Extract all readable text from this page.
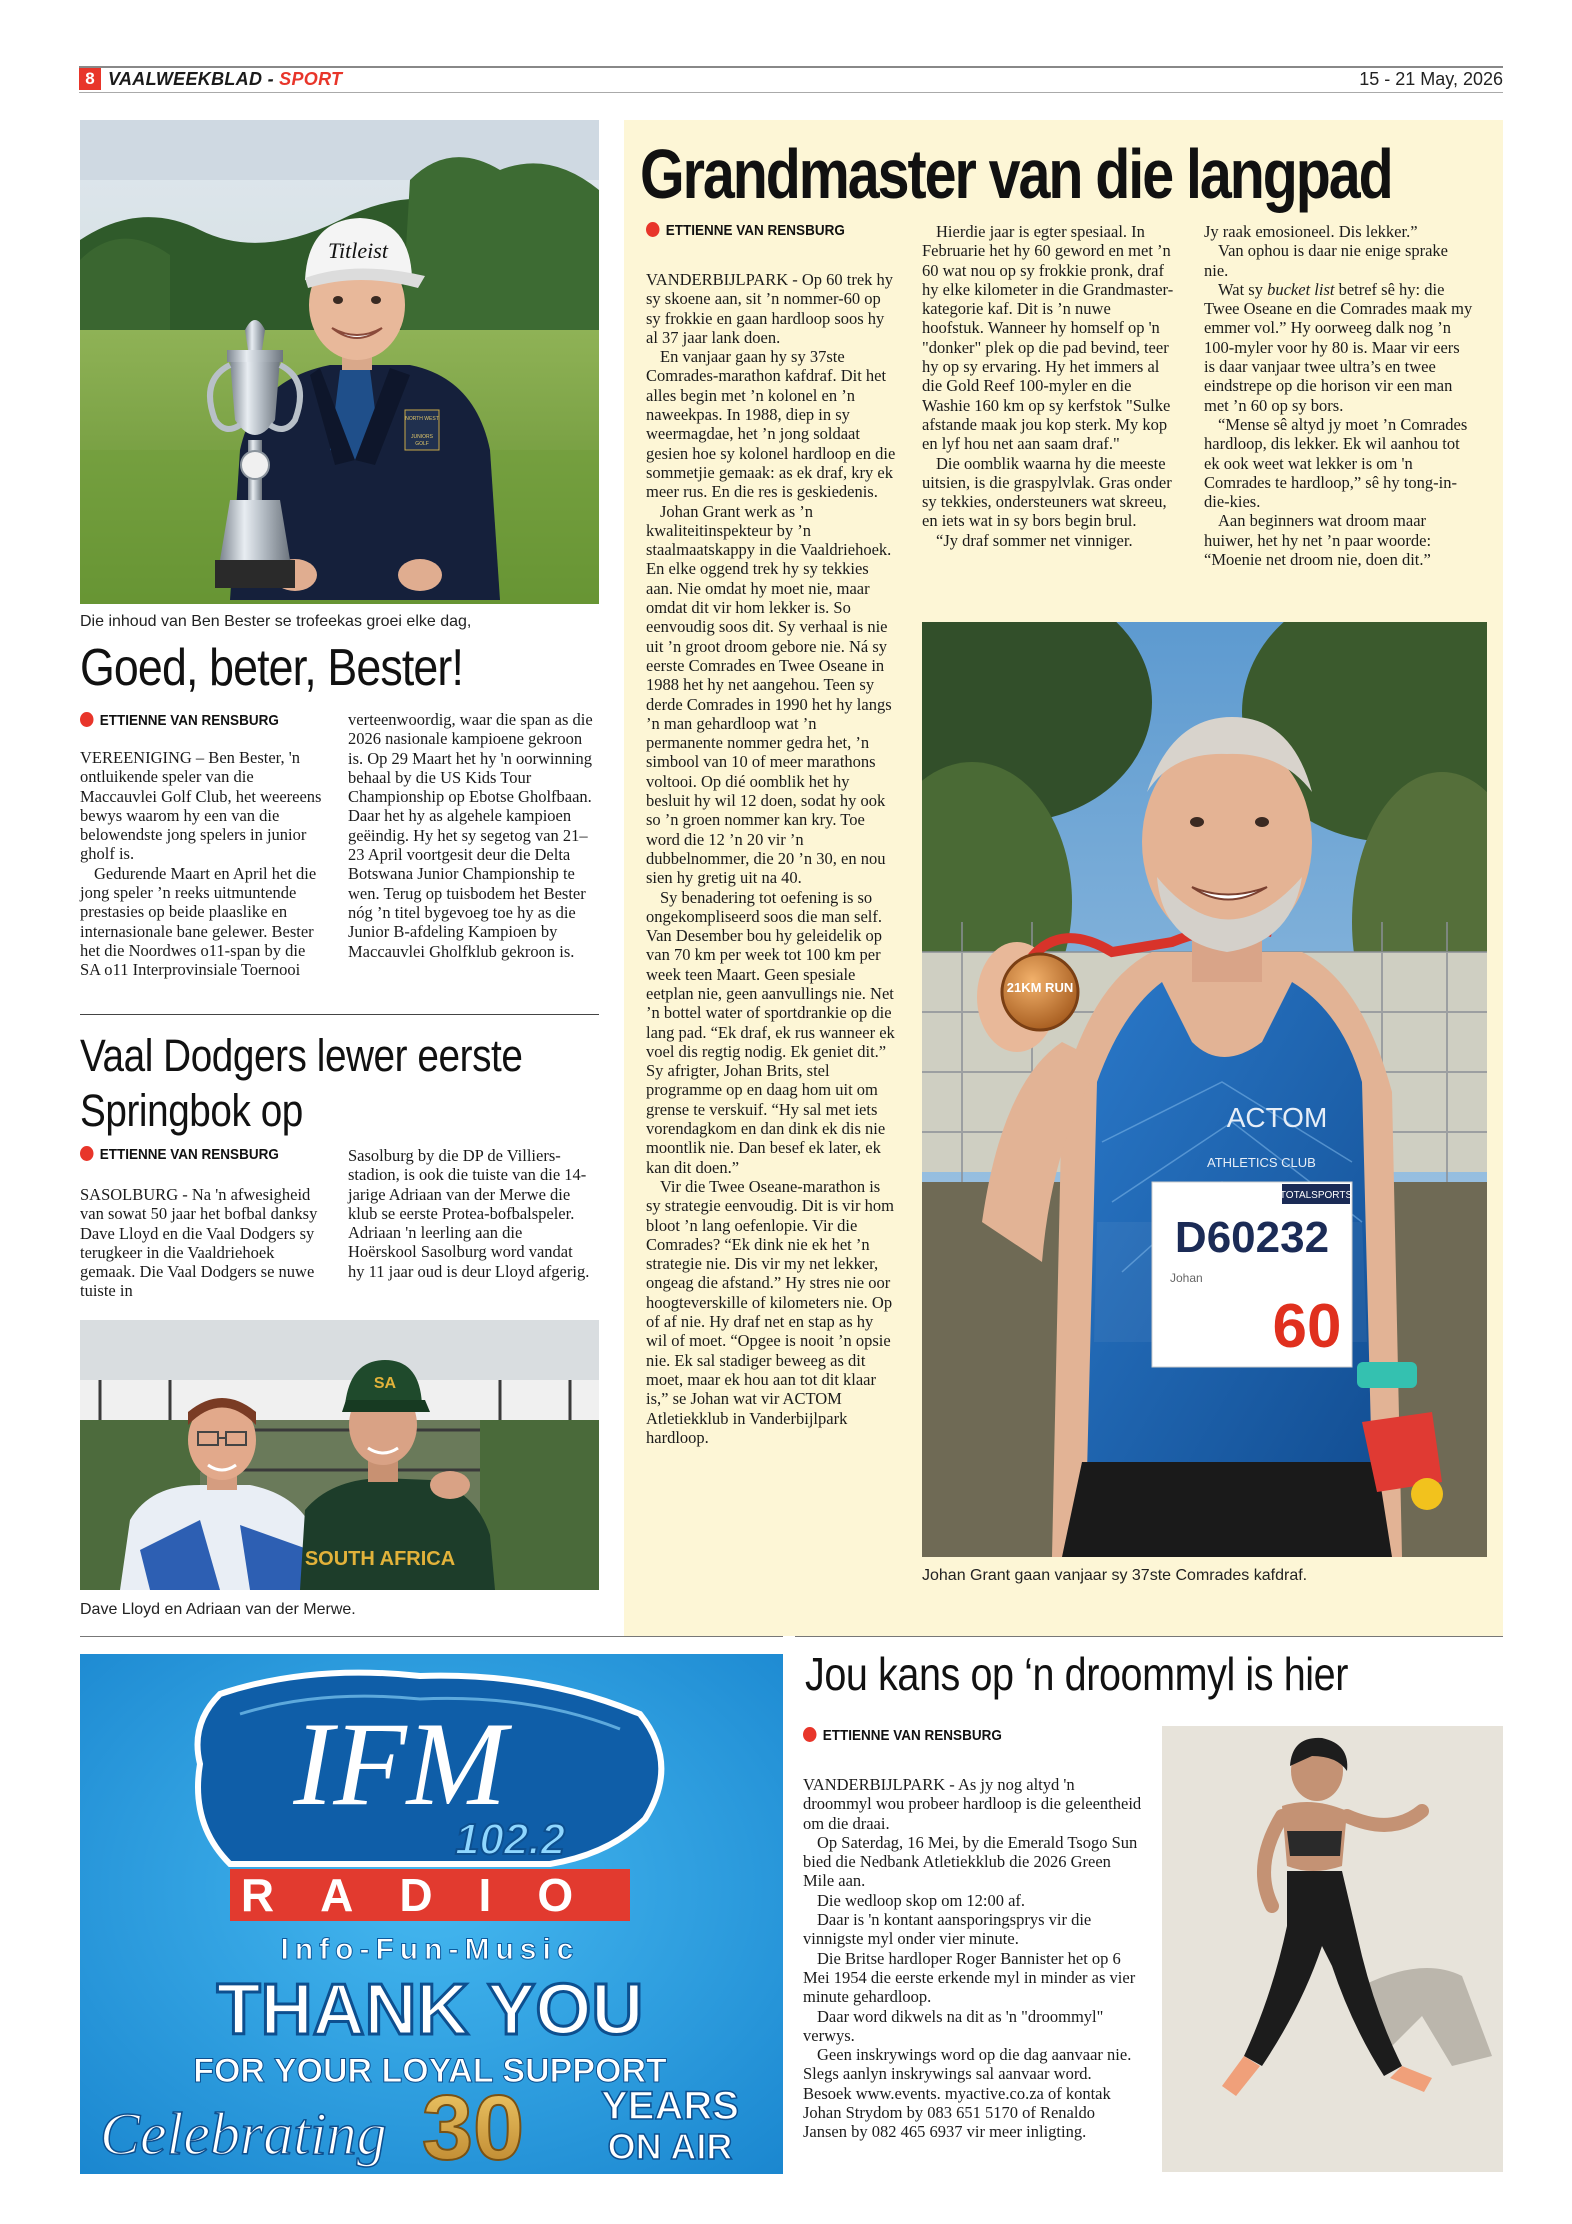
8 VAALWEEKBLAD - SPORT	15 - 21 May, 2026
NORTH WEST
JUNIORS
GOLF
Titleist
Die inhoud van Ben Bester se trofeekas groei elke dag,
Goed, beter, Bester!
ETTIENNE VAN RENSBURG

VEREENIGING – Ben Bester, 'n ontluikende speler van die Maccauvlei Golf Club, het weereens bewys waarom hy een van die belowendste jong spelers in junior gholf is.

Gedurende Maart en April het die jong speler ’n reeks uitmuntende prestasies op beide plaaslike en internasionale bane gelewer. Bester het die Noordwes o11-span by die SA o11 Interprovinsiale Toernooi

verteenwoordig, waar die span as die 2026 nasionale kampioene gekroon is. Op 29 Maart het hy 'n oorwinning behaal by die US Kids Tour Championship op Ebotse Gholfbaan. Daar het hy as algehele kampioen geëindig. Hy het sy segetog van 21–23 April voortgesit deur die Delta Botswana Junior Championship te wen. Terug op tuisbodem het Bester nóg ’n titel bygevoeg toe hy as die Junior B-afdeling Kampioen by Maccauvlei Gholfklub gekroon is.

Vaal Dodgers lewer eerste Springbok op
ETTIENNE VAN RENSBURG

SASOLBURG - Na 'n afwesigheid van sowat 50 jaar het bofbal danksy Dave Lloyd en die Vaal Dodgers sy terugkeer in die Vaaldriehoek gemaak. Die Vaal Dodgers se nuwe tuiste in

Sasolburg by die DP de Villiers-stadion, is ook die tuiste van die 14-jarige Adriaan van der Merwe die klub se eerste Protea-bofbalspeler. Adriaan 'n leerling aan die Hoërskool Sasolburg word vandat hy 11 jaar oud is deur Lloyd afgerig.

SOUTH AFRICA
SA
Dave Lloyd en Adriaan van der Merwe.
Grandmaster van die langpad
ETTIENNE VAN RENSBURG

VANDERBIJLPARK - Op 60 trek hy sy skoene aan, sit ’n nommer-60 op sy frokkie en gaan hardloop soos hy al 37 jaar lank doen.

En vanjaar gaan hy sy 37ste Comrades-marathon kafdraf. Dit het alles begin met ’n kolonel en ’n naweekpas. In 1988, diep in sy weermagdae, het ’n jong soldaat gesien hoe sy kolonel hardloop en die sommetjie gemaak: as ek draf, kry ek meer rus. En die res is geskiedenis.

Johan Grant werk as ’n kwaliteitinspekteur by ’n staalmaatskappy in die Vaaldriehoek. En elke oggend trek hy sy tekkies aan. Nie omdat hy moet nie, maar omdat dit vir hom lekker is. So eenvoudig soos dit. Sy verhaal is nie uit ’n groot droom gebore nie. Ná sy eerste Comrades en Twee Oseane in 1988 het hy net aangehou. Teen sy derde Comrades in 1990 het hy langs ’n man gehardloop wat ’n permanente nommer gedra het, ’n simbool van 10 of meer marathons voltooi. Op dié oomblik het hy besluit hy wil 12 doen, sodat hy ook so ’n groen nommer kan kry. Toe word die 12 ’n 20 vir ’n dubbelnommer, die 20 ’n 30, en nou sien hy gretig uit na 40.

Sy benadering tot oefening is so ongekompliseerd soos die man self. Van Desember bou hy geleidelik op van 70 km per week tot 100 km per week teen Maart. Geen spesiale eetplan nie, geen aanvullings nie. Net ’n bottel water of sportdrankie op die lang pad. “Ek draf, ek rus wanneer ek voel dis regtig nodig. Ek geniet dit.” Sy afrigter, Johan Brits, stel programme op en daag hom uit om grense te verskuif. “Hy sal met iets vorendagkom en dan dink ek dis nie moontlik nie. Dan besef ek later, ek kan dit doen.”

Vir die Twee Oseane-marathon is sy strategie eenvoudig. Dit is vir hom bloot ’n lang oefenlopie. Vir die Comrades? “Ek dink nie ek het ’n strategie nie. Dis vir my net lekker, ongeag die afstand.” Hy stres nie oor hoogteverskille of kilometers nie. Op of af nie. Hy draf net en stap as hy wil of moet. “Opgee is nooit ’n opsie nie. Ek sal stadiger beweeg as dit moet, maar ek hou aan tot dit klaar is,” se Johan wat vir ACTOM Atletiekklub in Vanderbijlpark hardloop.

Hierdie jaar is egter spesiaal. In Februarie het hy 60 geword en met ’n 60 wat nou op sy frokkie pronk, draf hy elke kilometer in die Grandmaster-kategorie kaf. Dit is ’n nuwe hoofstuk. Wanneer hy homself op 'n "donker" plek op die pad bevind, teer hy op sy ervaring. Hy het immers al die Gold Reef 100-myler en die Washie 160 km op sy kerfstok "Sulke afstande maak jou kop sterk. My kop en lyf hou net aan saam draf."

Die oomblik waarna hy die meeste uitsien, is die graspylvlak. Gras onder sy tekkies, ondersteuners wat skreeu, en iets wat in sy bors begin brul.

“Jy draf sommer net vinniger.

Jy raak emosioneel. Dis lekker.”

Van ophou is daar nie enige sprake nie.

Wat sy bucket list betref sê hy: die Twee Oseane en die Comrades maak my emmer vol.” Hy oorweeg dalk nog ’n 100-myler voor hy 80 is. Maar vir eers is daar vanjaar twee ultra’s en twee eindstrepe op die horison vir een man met ’n 60 op sy bors.

“Mense sê altyd jy moet ’n Comrades hardloop, dis lekker. Ek wil aanhou tot ek ook weet wat lekker is om 'n Comrades te hardloop,” sê hy tong-in-die-kies.

Aan beginners wat droom maar huiwer, het hy net ’n paar woorde: “Moenie net droom nie, doen dit.”

ACTOM
ATHLETICS CLUB
TOTALSPORTS
D60232
Johan
60
21KM RUN
Johan Grant gaan vanjaar sy 37ste Comrades kafdraf.
IFM
102.2
RADIO
Info-Fun-Music
THANK YOU
FOR YOUR LOYAL SUPPORT
Celebrating 30 YEARS
ON AIR
Jou kans op ‘n droommyl is hier
ETTIENNE VAN RENSBURG

VANDERBIJLPARK - As jy nog altyd 'n droommyl wou probeer hardloop is die geleentheid om die draai.

Op Saterdag, 16 Mei, by die Emerald Tsogo Sun bied die Nedbank Atletiekklub die 2026 Green Mile aan.

Die wedloop skop om 12:00 af.

Daar is 'n kontant aansporingsprys vir die vinnigste myl onder vier minute.

Die Britse hardloper Roger Bannister het op 6 Mei 1954 die eerste erkende myl in minder as vier minute gehardloop.

Daar word dikwels na dit as 'n "droommyl" verwys.

Geen inskrywings word op die dag aanvaar nie. Slegs aanlyn inskrywings sal aanvaar word. Besoek www.events. myactive.co.za of kontak Johan Strydom by 083 651 5170 of Renaldo Jansen by 082 465 6937 vir meer inligting.
